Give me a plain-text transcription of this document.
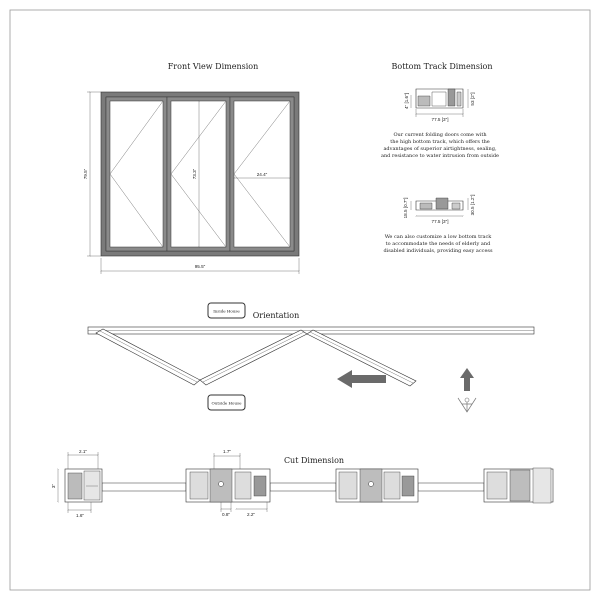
Front View Dimension
79.5"
95.5"
73.3"	24.4"
Bottom Track Dimension
4" [1.6"]	53 [2"]
77.5 [3"]
Our current folding doors come with
the high bottom track, which offers the
advantages of superior airtightness, sealing,
and resistance to water intrusion from outside
18.5 [0.7"]	30.5 [1.2"]
77.5 [3"]
We can also customize a low bottom track
to accommodate the needs of elderly and
disabled individuals, providing easy access
Inside House Orientation
Outside House
Cut Dimension
2.1"
3"
1.6"
1.7"
0.8"	2.2"
